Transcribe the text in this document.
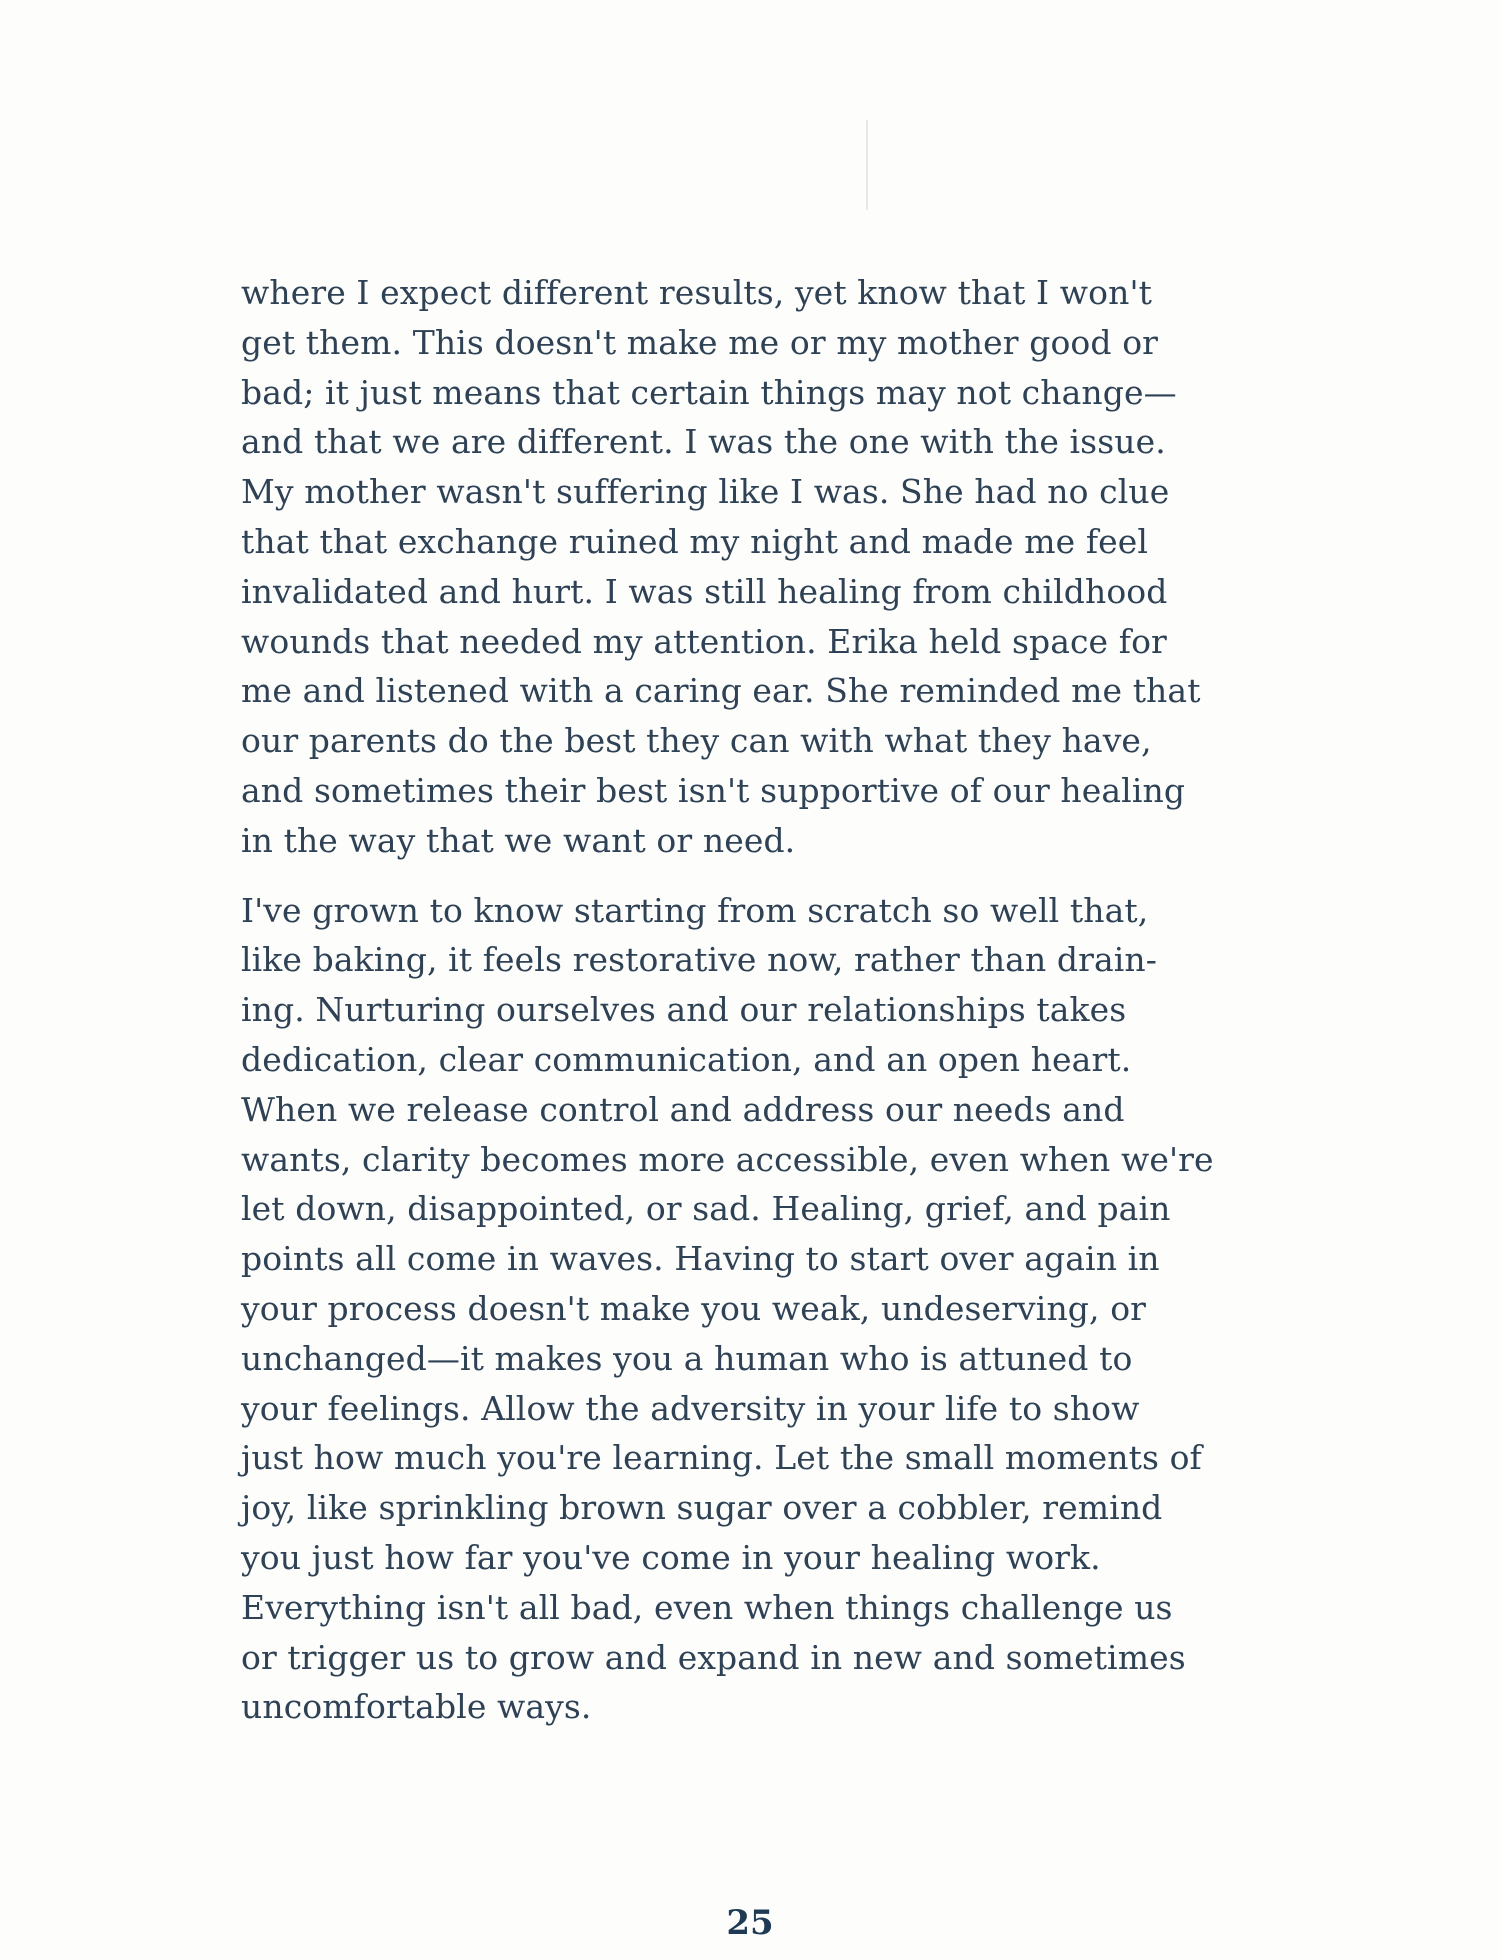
where I expect different results, yet know that I won't
get them. This doesn't make me or my mother good or
bad; it just means that certain things may not change—
and that we are different. I was the one with the issue.
My mother wasn't suffering like I was. She had no clue
that that exchange ruined my night and made me feel
invalidated and hurt. I was still healing from childhood
wounds that needed my attention. Erika held space for
me and listened with a caring ear. She reminded me that
our parents do the best they can with what they have,
and sometimes their best isn't supportive of our healing
in the way that we want or need.
I've grown to know starting from scratch so well that,
like baking, it feels restorative now, rather than drain-
ing. Nurturing ourselves and our relationships takes
dedication, clear communication, and an open heart.
When we release control and address our needs and
wants, clarity becomes more accessible, even when we're
let down, disappointed, or sad. Healing, grief, and pain
points all come in waves. Having to start over again in
your process doesn't make you weak, undeserving, or
unchanged—it makes you a human who is attuned to
your feelings. Allow the adversity in your life to show
just how much you're learning. Let the small moments of
joy, like sprinkling brown sugar over a cobbler, remind
you just how far you've come in your healing work.
Everything isn't all bad, even when things challenge us
or trigger us to grow and expand in new and sometimes
uncomfortable ways.
25
